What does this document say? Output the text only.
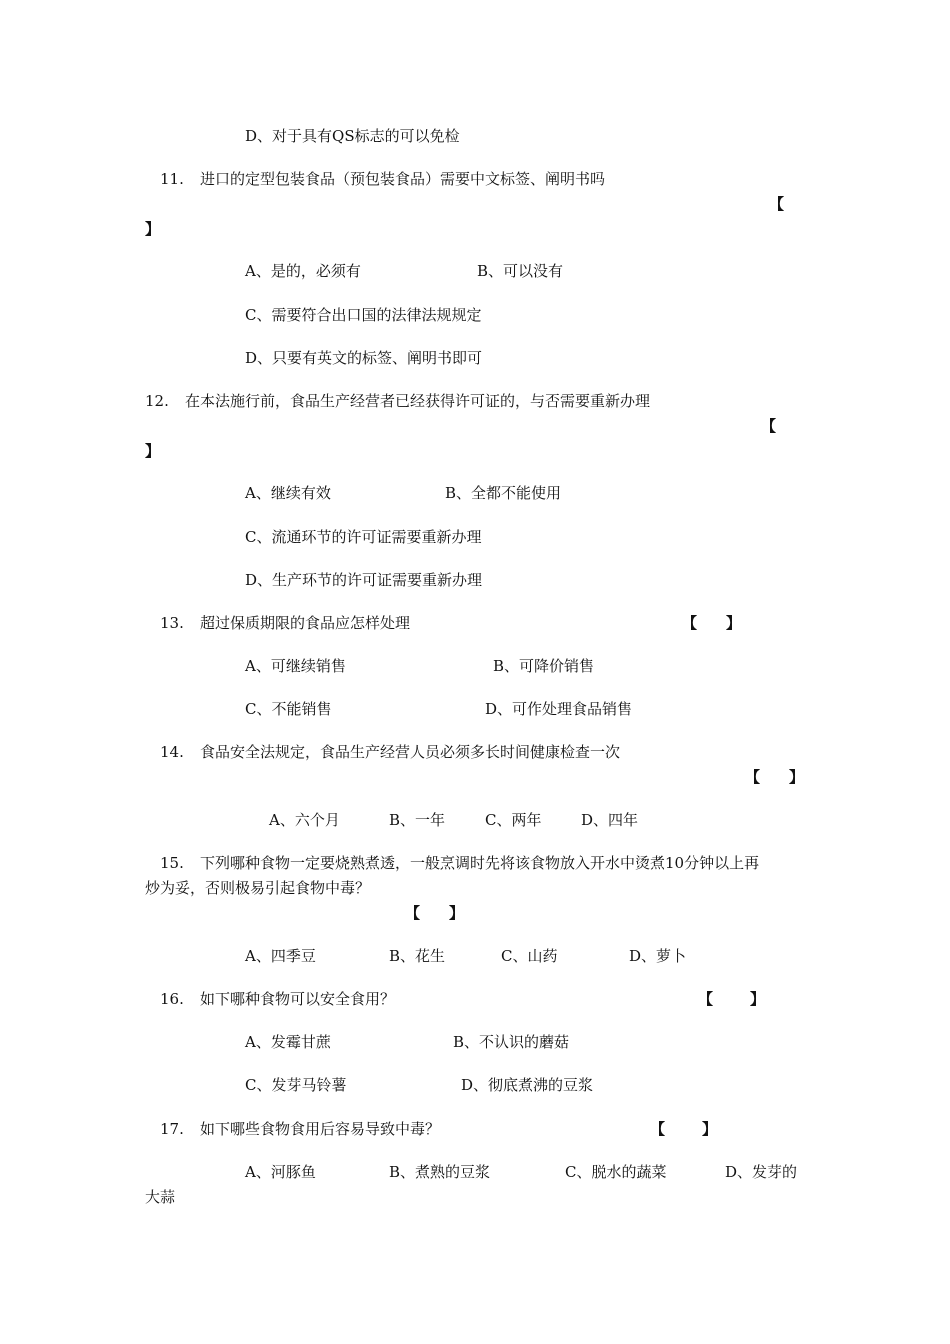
D、对于具有QS标志的可以免检
11. 进口的定型包装食品（预包装食品）需要中文标签、阐明书吗
【
】
A、是的，必须有	B、可以没有
C、需要符合出口国的法律法规规定
D、只要有英文的标签、阐明书即可
12. 在本法施行前，食品生产经营者已经获得许可证的，与否需要重新办理
【
】
A、继续有效	B、全都不能使用
C、流通环节的许可证需要重新办理
D、生产环节的许可证需要重新办理
13. 超过保质期限的食品应怎样处理	【 】
A、可继续销售	B、可降价销售
C、不能销售	D、可作处理食品销售
14. 食品安全法规定，食品生产经营人员必须多长时间健康检查一次
【 】
A、六个月	B、一年	C、两年	D、四年
15. 下列哪种食物一定要烧熟煮透，一般烹调时先将该食物放入开水中烫煮10分钟以上再
炒为妥，否则极易引起食物中毒？
【 】
A、四季豆	B、花生	C、山药	D、萝卜
16. 如下哪种食物可以安全食用？	【 】
A、发霉甘蔗	B、不认识的蘑菇
C、发芽马铃薯	D、彻底煮沸的豆浆
17. 如下哪些食物食用后容易导致中毒？	【 】
A、河豚鱼	B、煮熟的豆浆	C、脱水的蔬菜	D、发芽的
大蒜
